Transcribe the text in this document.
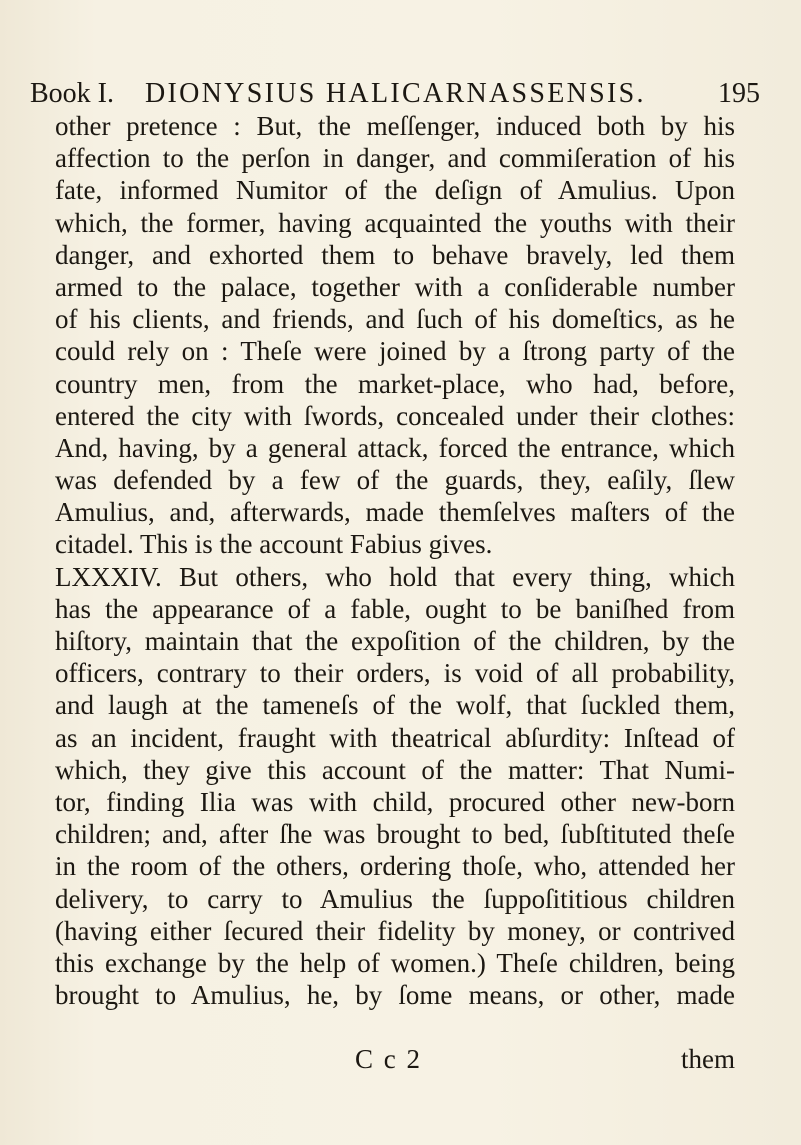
Book I. DIONYSIUS HALICARNASSENSIS.	195
other pretence : But, the meſſenger, induced both by his
affection to the perſon in danger, and commiſeration of his
fate, informed Numitor of the deſign of Amulius. Upon
which, the former, having acquainted the youths with their
danger, and exhorted them to behave bravely, led them
armed to the palace, together with a conſiderable number
of his clients, and friends, and ſuch of his domeſtics, as he
could rely on : Theſe were joined by a ſtrong party of the
country men, from the market-place, who had, before,
entered the city with ſwords, concealed under their clothes:
And, having, by a general attack, forced the entrance, which
was defended by a few of the guards, they, eaſily, ſlew
Amulius, and, afterwards, made themſelves maſters of the
citadel. This is the account Fabius gives.
LXXXIV. But others, who hold that every thing, which
has the appearance of a fable, ought to be baniſhed from
hiſtory, maintain that the expoſition of the children, by the
officers, contrary to their orders, is void of all probability,
and laugh at the tameneſs of the wolf, that ſuckled them,
as an incident, fraught with theatrical abſurdity: Inſtead of
which, they give this account of the matter: That Numi-
tor, finding Ilia was with child, procured other new-born
children; and, after ſhe was brought to bed, ſubſtituted theſe
in the room of the others, ordering thoſe, who, attended her
delivery, to carry to Amulius the ſuppoſititious children
(having either ſecured their fidelity by money, or contrived
this exchange by the help of women.) Theſe children, being
brought to Amulius, he, by ſome means, or other, made
C c 2	them
